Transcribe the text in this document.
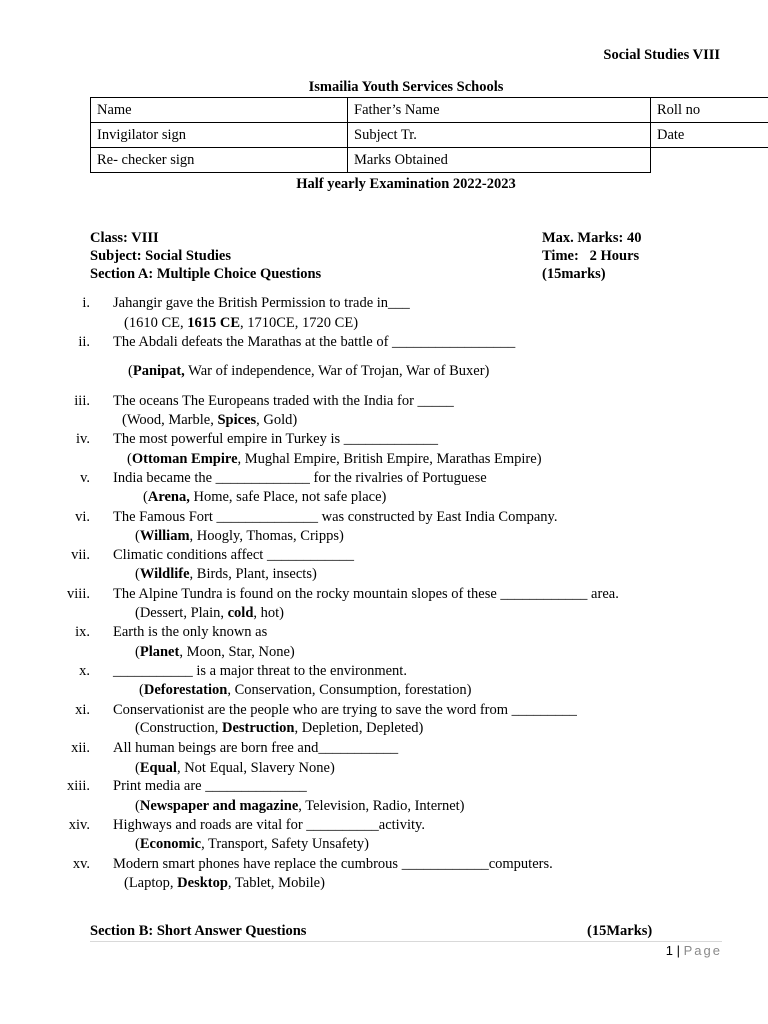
Social Studies VIII
Ismailia Youth Services Schools
Name	Father’s Name	Roll no
Invigilator sign	Subject Tr.	Date
Re- checker sign	Marks Obtained	
Half yearly Examination 2022-2023
Class: VIII
Subject: Social Studies
Section A: Multiple Choice Questions
Max. Marks: 40
Time:   2 Hours
(15marks)
i. Jahangir gave the British Permission to trade in___
(1610 CE, 1615 CE, 1710CE, 1720 CE)
ii. The Abdali defeats the Marathas at the battle of _________________
(Panipat, War of independence, War of Trojan, War of Buxer)
iii. The oceans The Europeans traded with the India for _____
(Wood, Marble, Spices, Gold)
iv. The most powerful empire in Turkey is _____________
(Ottoman Empire, Mughal Empire, British Empire, Marathas Empire)
v. India became the _____________ for the rivalries of Portuguese
(Arena, Home, safe Place, not safe place)
vi. The Famous Fort ______________ was constructed by East India Company.
(William, Hoogly, Thomas, Cripps)
vii. Climatic conditions affect ____________
(Wildlife, Birds, Plant, insects)
viii. The Alpine Tundra is found on the rocky mountain slopes of these ____________ area.
(Dessert, Plain, cold, hot)
ix. Earth is the only known as
(Planet, Moon, Star, None)
x. ___________ is a major threat to the environment.
(Deforestation, Conservation, Consumption, forestation)
xi. Conservationist are the people who are trying to save the word from _________
(Construction, Destruction, Depletion, Depleted)
xii. All human beings are born free and___________
(Equal, Not Equal, Slavery None)
xiii. Print media are ______________
(Newspaper and magazine, Television, Radio, Internet)
xiv. Highways and roads are vital for __________activity.
(Economic, Transport, Safety Unsafety)
xv. Modern smart phones have replace the cumbrous ____________computers.
(Laptop, Desktop, Tablet, Mobile)
Section B: Short Answer Questions	(15Marks)
1 | Page
